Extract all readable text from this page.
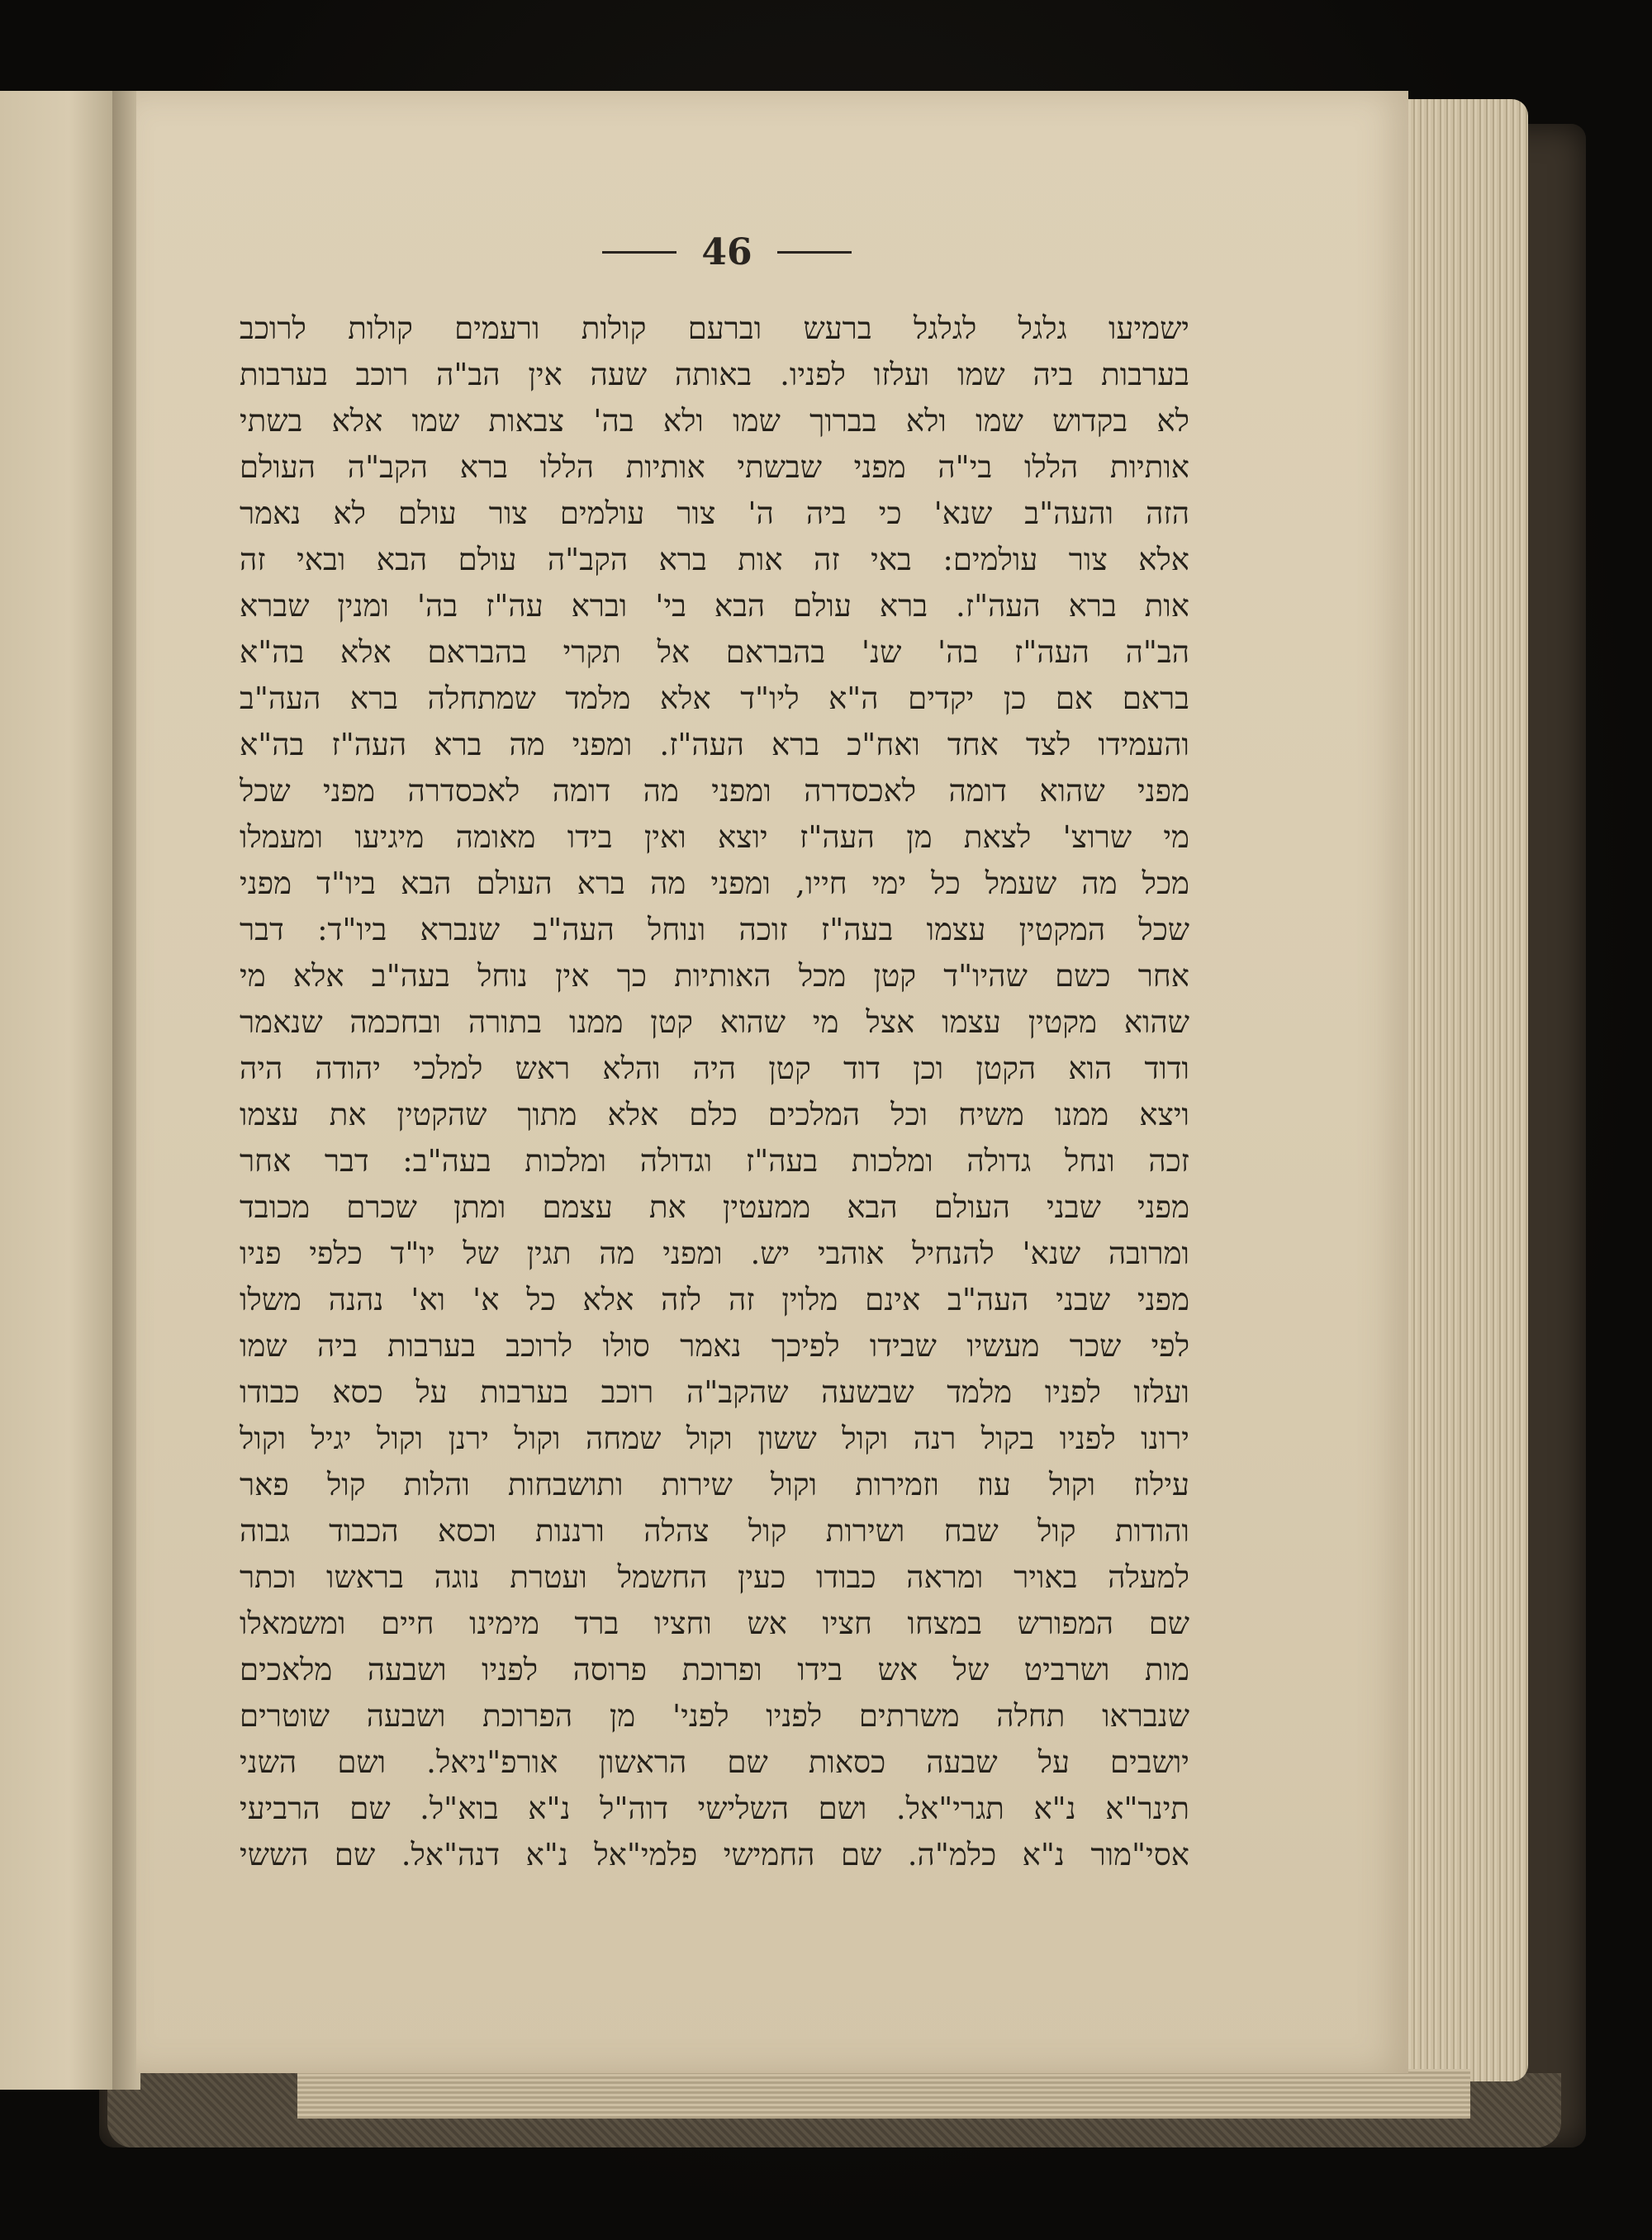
46
ישמיעו גלגל לגלגל ברעש וברעם קולות ורעמים קולות לרוכב
בערבות ביה שמו ועלזו לפניו. באותה שעה אין הב"ה רוכב בערבות
לא בקדוש שמו ולא בברוך שמו ולא בה' צבאות שמו אלא בשתי
אותיות הללו בי"ה מפני שבשתי אותיות הללו ברא הקב"ה העולם
הזה והעה"ב שנא' כי ביה ה' צור עולמים צור עולם לא נאמר
אלא צור עולמים: באי זה אות ברא הקב"ה עולם הבא ובאי זה
אות ברא העה"ז. ברא עולם הבא בי' וברא עה"ז בה' ומנין שברא
הב"ה העה"ז בה' שנ' בהבראם אל תקרי בהבראם אלא בה"א
בראם אם כן יקדים ה"א ליו"ד אלא מלמד שמתחלה ברא העה"ב
והעמידו לצד אחד ואח"כ ברא העה"ז. ומפני מה ברא העה"ז בה"א
מפני שהוא דומה לאכסדרה ומפני מה דומה לאכסדרה מפני שכל
מי שרוצ' לצאת מן העה"ז יוצא ואין בידו מאומה מיגיעו ומעמלו
מכל מה שעמל כל ימי חייו, ומפני מה ברא העולם הבא ביו"ד מפני
שכל המקטין עצמו בעה"ז זוכה ונוחל העה"ב שנברא ביו"ד: דבר
אחר כשם שהיו"ד קטן מכל האותיות כך אין נוחל בעה"ב אלא מי
שהוא מקטין עצמו אצל מי שהוא קטן ממנו בתורה ובחכמה שנאמר
ודוד הוא הקטן וכן דוד קטן היה והלא ראש למלכי יהודה היה
ויצא ממנו משיח וכל המלכים כלם אלא מתוך שהקטין את עצמו
זכה ונחל גדולה ומלכות בעה"ז וגדולה ומלכות בעה"ב: דבר אחר
מפני שבני העולם הבא ממעטין את עצמם ומתן שכרם מכובד
ומרובה שנא' להנחיל אוהבי יש. ומפני מה תגין של יו"ד כלפי פניו
מפני שבני העה"ב אינם מלוין זה לזה אלא כל א' וא' נהנה משלו
לפי שכר מעשיו שבידו לפיכך נאמר סולו לרוכב בערבות ביה שמו
ועלזו לפניו מלמד שבשעה שהקב"ה רוכב בערבות על כסא כבודו
ירונו לפניו בקול רנה וקול ששון וקול שמחה וקול ירנן וקול יגיל וקול
עילוז וקול עוז וזמירות וקול שירות ותושבחות והלות קול פאר
והודות קול שבח ושירות קול צהלה ורננות וכסא הכבוד גבוה
למעלה באויר ומראה כבודו כעין החשמל ועטרת נוגה בראשו וכתר
שם המפורש במצחו חציו אש וחציו ברד מימינו חיים ומשמאלו
מות ושרביט של אש בידו ופרוכת פרוסה לפניו ושבעה מלאכים
שנבראו תחלה משרתים לפניו לפני' מן הפרוכת ושבעה שוטרים
יושבים על שבעה כסאות שם הראשון אורפ"ניאל. ושם השני
תינר"א נ"א תגרי"אל. ושם השלישי דוה"ל נ"א בוא"ל. שם הרביעי
אסי"מור נ"א כלמ"ה. שם החמישי פלמי"אל נ"א דנה"אל. שם הששי
